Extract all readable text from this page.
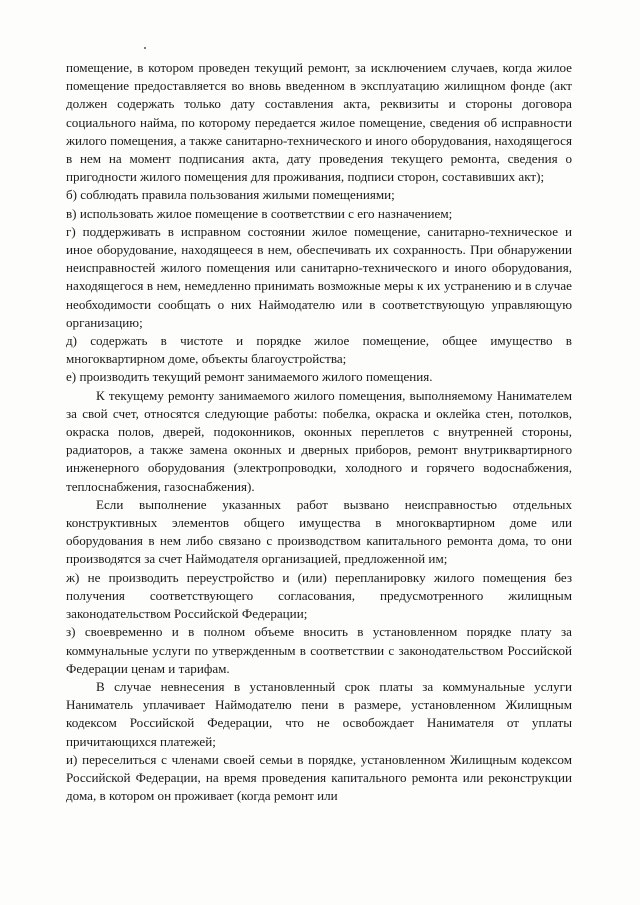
помещение, в котором проведен текущий ремонт, за исключением случаев, когда жилое помещение предоставляется во вновь введенном в эксплуатацию жилищном фонде (акт должен содержать только дату составления акта, реквизиты и стороны договора социального найма, по которому передается жилое помещение, сведения об исправности жилого помещения, а также санитарно-технического и иного оборудования, находящегося в нем на момент подписания акта, дату проведения текущего ремонта, сведения о пригодности жилого помещения для проживания, подписи сторон, составивших акт);

б) соблюдать правила пользования жилыми помещениями;

в) использовать жилое помещение в соответствии с его назначением;

г) поддерживать в исправном состоянии жилое помещение, санитарно-техническое и иное оборудование, находящееся в нем, обеспечивать их сохранность. При обнаружении неисправностей жилого помещения или санитарно-технического и иного оборудования, находящегося в нем, немедленно принимать возможные меры к их устранению и в случае необходимости сообщать о них Наймодателю или в соответствующую управляющую организацию;

д) содержать в чистоте и порядке жилое помещение, общее имущество в многоквартирном доме, объекты благоустройства;

е) производить текущий ремонт занимаемого жилого помещения.

К текущему ремонту занимаемого жилого помещения, выполняемому Нанимателем за свой счет, относятся следующие работы: побелка, окраска и оклейка стен, потолков, окраска полов, дверей, подоконников, оконных переплетов с внутренней стороны, радиаторов, а также замена оконных и дверных приборов, ремонт внутриквартирного инженерного оборудования (электропроводки, холодного и горячего водоснабжения, теплоснабжения, газоснабжения).

Если выполнение указанных работ вызвано неисправностью отдельных конструктивных элементов общего имущества в многоквартирном доме или оборудования в нем либо связано с производством капитального ремонта дома, то они производятся за счет Наймодателя организацией, предложенной им;

ж) не производить переустройство и (или) перепланировку жилого помещения без получения соответствующего согласования, предусмотренного жилищным законодательством Российской Федерации;

з) своевременно и в полном объеме вносить в установленном порядке плату за коммунальные услуги по утвержденным в соответствии с законодательством Российской Федерации ценам и тарифам.

В случае невнесения в установленный срок платы за коммунальные услуги Наниматель уплачивает Наймодателю пени в размере, установленном Жилищным кодексом Российской Федерации, что не освобождает Нанимателя от уплаты причитающихся платежей;

и) переселиться с членами своей семьи в порядке, установленном Жилищным кодексом Российской Федерации, на время проведения капитального ремонта или реконструкции дома, в котором он проживает (когда ремонт или
